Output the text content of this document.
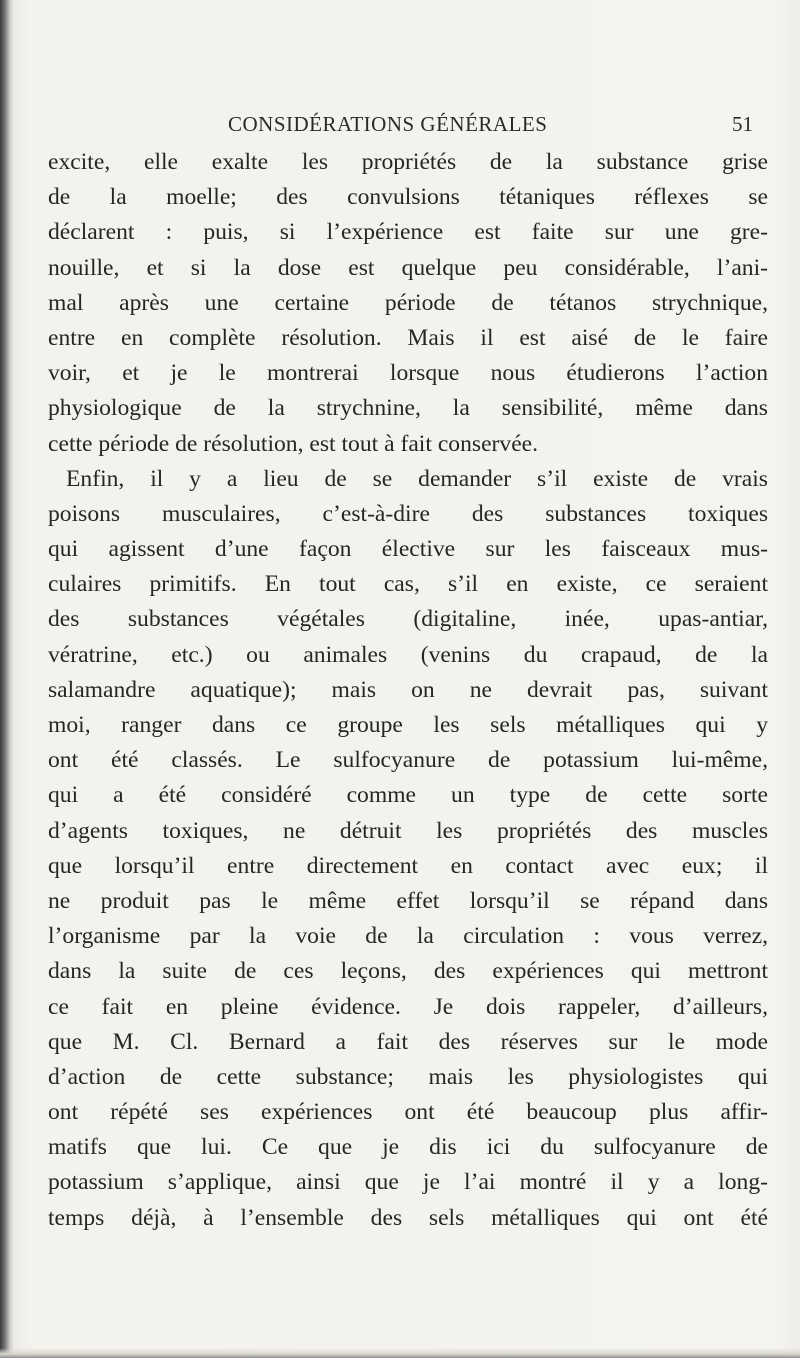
CONSIDÉRATIONS GÉNÉRALES	51
excite, elle exalte les propriétés de la substance grise
de la moelle; des convulsions tétaniques réflexes se
déclarent : puis, si l’expérience est faite sur une gre-
nouille, et si la dose est quelque peu considérable, l’ani-
mal après une certaine période de tétanos strychnique,
entre en complète résolution. Mais il est aisé de le faire
voir, et je le montrerai lorsque nous étudierons l’action
physiologique de la strychnine, la sensibilité, même dans
cette période de résolution, est tout à fait conservée.
Enfin, il y a lieu de se demander s’il existe de vrais
poisons musculaires, c’est-à-dire des substances toxiques
qui agissent d’une façon élective sur les faisceaux mus-
culaires primitifs. En tout cas, s’il en existe, ce seraient
des substances végétales (digitaline, inée, upas-antiar,
vératrine, etc.) ou animales (venins du crapaud, de la
salamandre aquatique); mais on ne devrait pas, suivant
moi, ranger dans ce groupe les sels métalliques qui y
ont été classés. Le sulfocyanure de potassium lui-même,
qui a été considéré comme un type de cette sorte
d’agents toxiques, ne détruit les propriétés des muscles
que lorsqu’il entre directement en contact avec eux; il
ne produit pas le même effet lorsqu’il se répand dans
l’organisme par la voie de la circulation : vous verrez,
dans la suite de ces leçons, des expériences qui mettront
ce fait en pleine évidence. Je dois rappeler, d’ailleurs,
que M. Cl. Bernard a fait des réserves sur le mode
d’action de cette substance; mais les physiologistes qui
ont répété ses expériences ont été beaucoup plus affir-
matifs que lui. Ce que je dis ici du sulfocyanure de
potassium s’applique, ainsi que je l’ai montré il y a long-
temps déjà, à l’ensemble des sels métalliques qui ont été
